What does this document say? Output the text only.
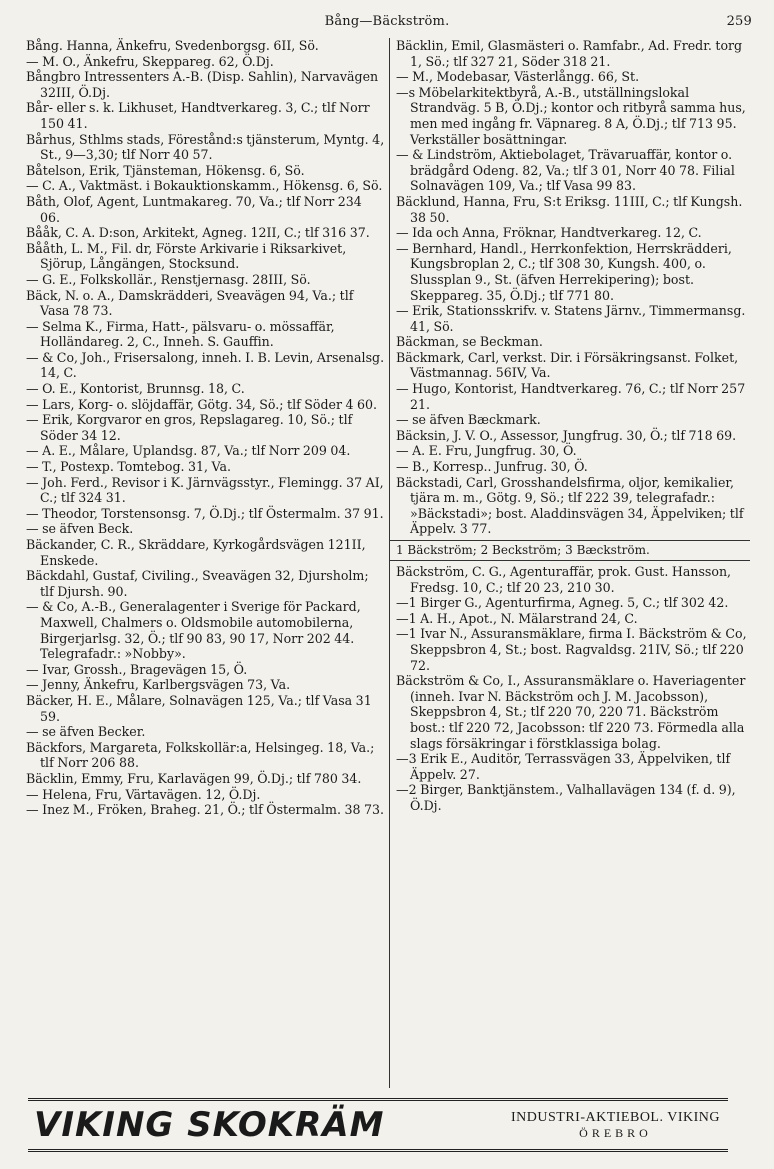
Bång—Bäckström.	259
Bång. Hanna, Änkefru, Svedenborgsg. 6II, Sö.
— M. O., Änkefru, Skeppareg. 62, Ö.Dj.
Bångbro Intressenters A.-B. (Disp. Sahlin), Narvavägen 32III, Ö.Dj.
Bår- eller s. k. Likhuset, Handtverkareg. 3, C.; tlf Norr 150 41.
Bårhus, Sthlms stads, Förestånd:s tjänsterum, Myntg. 4, St., 9—3,30; tlf Norr 40 57.
Båtelson, Erik, Tjänsteman, Hökensg. 6, Sö.
— C. A., Vaktmäst. i Bokauktionskamm., Hökensg. 6, Sö.
Båth, Olof, Agent, Luntmakareg. 70, Va.; tlf Norr 234 06.
Bååk, C. A. D:son, Arkitekt, Agneg. 12II, C.; tlf 316 37.
Bååth, L. M., Fil. dr, Förste Arkivarie i Riksarkivet, Sjörup, Långängen, Stocksund.
— G. E., Folkskollär., Renstjernasg. 28III, Sö.
Bäck, N. o. A., Damskrädderi, Sveavägen 94, Va.; tlf Vasa 78 73.
— Selma K., Firma, Hatt-, pälsvaru- o. mössaffär, Holländareg. 2, C., Inneh. S. Gauffin.
— & Co, Joh., Frisersalong, inneh. I. B. Levin, Arsenalsg. 14, C.
— O. E., Kontorist, Brunnsg. 18, C.
— Lars, Korg- o. slöjdaffär, Götg. 34, Sö.; tlf Söder 4 60.
— Erik, Korgvaror en gros, Repslagareg. 10, Sö.; tlf Söder 34 12.
— A. E., Målare, Uplandsg. 87, Va.; tlf Norr 209 04.
— T., Postexp. Tomtebog. 31, Va.
— Joh. Ferd., Revisor i K. Järnvägsstyr., Flemingg. 37 AI, C.; tlf 324 31.
— Theodor, Torstensonsg. 7, Ö.Dj.; tlf Östermalm. 37 91.
— se äfven Beck.
Bäckander, C. R., Skräddare, Kyrkogårdsvägen 121II, Enskede.
Bäckdahl, Gustaf, Civiling., Sveavägen 32, Djursholm; tlf Djursh. 90.
— & Co, A.-B., Generalagenter i Sverige för Packard, Maxwell, Chalmers o. Oldsmobile automobilerna, Birgerjarlsg. 32, Ö.; tlf 90 83, 90 17, Norr 202 44. Telegrafadr.: »Nobby».
— Ivar, Grossh., Bragevägen 15, Ö.
— Jenny, Änkefru, Karlbergsvägen 73, Va.
Bäcker, H. E., Målare, Solnavägen 125, Va.; tlf Vasa 31 59.
— se äfven Becker.
Bäckfors, Margareta, Folkskollär:a, Helsingeg. 18, Va.; tlf Norr 206 88.
Bäcklin, Emmy, Fru, Karlavägen 99, Ö.Dj.; tlf 780 34.
— Helena, Fru, Värtavägen. 12, Ö.Dj.
— Inez M., Fröken, Braheg. 21, Ö.; tlf Östermalm. 38 73.
Bäcklin, Emil, Glasmästeri o. Ramfabr., Ad. Fredr. torg 1, Sö.; tlf 327 21, Söder 318 21.
— M., Modebasar, Västerlångg. 66, St.
—s Möbelarkitektbyrå, A.-B., utställningslokal Strandväg. 5 B, Ö.Dj.; kontor och ritbyrå samma hus, men med ingång fr. Väpnareg. 8 A, Ö.Dj.; tlf 713 95. Verkställer bosättningar.
— & Lindström, Aktiebolaget, Trävaruaffär, kontor o. brädgård Odeng. 82, Va.; tlf 3 01, Norr 40 78. Filial Solnavägen 109, Va.; tlf Vasa 99 83.
Bäcklund, Hanna, Fru, S:t Eriksg. 11III, C.; tlf Kungsh. 38 50.
— Ida och Anna, Fröknar, Handtverkareg. 12, C.
— Bernhard, Handl., Herrkonfektion, Herrskrädderi, Kungsbroplan 2, C.; tlf 308 30, Kungsh. 400, o. Slussplan 9., St. (äfven Herrekipering); bost. Skeppareg. 35, Ö.Dj.; tlf 771 80.
— Erik, Stationsskrifv. v. Statens Järnv., Timmermansg. 41, Sö.
Bäckman, se Beckman.
Bäckmark, Carl, verkst. Dir. i Försäkringsanst. Folket, Västmannag. 56IV, Va.
— Hugo, Kontorist, Handtverkareg. 76, C.; tlf Norr 257 21.
— se äfven Bæckmark.
Bäcksin, J. V. O., Assessor, Jungfrug. 30, Ö.; tlf 718 69.
— A. E. Fru, Jungfrug. 30, Ö.
— B., Korresp.. Junfrug. 30, Ö.
Bäckstadi, Carl, Grosshandelsfirma, oljor, kemikalier, tjära m. m., Götg. 9, Sö.; tlf 222 39, telegrafadr.: »Bäckstadi»; bost. Aladdinsvägen 34, Äppelviken; tlf Äppelv. 3 77.
1 Bäckström; 2 Beckström; 3 Bæckström.
Bäckström, C. G., Agenturaffär, prok. Gust. Hansson, Fredsg. 10, C.; tlf 20 23, 210 30.
—1 Birger G., Agenturfirma, Agneg. 5, C.; tlf 302 42.
—1 A. H., Apot., N. Mälarstrand 24, C.
—1 Ivar N., Assuransmäklare, firma I. Bäckström & Co, Skeppsbron 4, St.; bost. Ragvaldsg. 21IV, Sö.; tlf 220 72.
Bäckström & Co, I., Assuransmäklare o. Haveriagenter (inneh. Ivar N. Bäckström och J. M. Jacobsson), Skeppsbron 4, St.; tlf 220 70, 220 71. Bäckström bost.: tlf 220 72, Jacobsson: tlf 220 73. Förmedla alla slags försäkringar i förstklassiga bolag.
—3 Erik E., Auditör, Terrassvägen 33, Äppelviken, tlf Äppelv. 27.
—2 Birger, Banktjänstem., Valhallavägen 134 (f. d. 9), Ö.Dj.
VIKING SKOKRÄM	INDUSTRI-AKTIEBOL. VIKING
ÖREBRO
